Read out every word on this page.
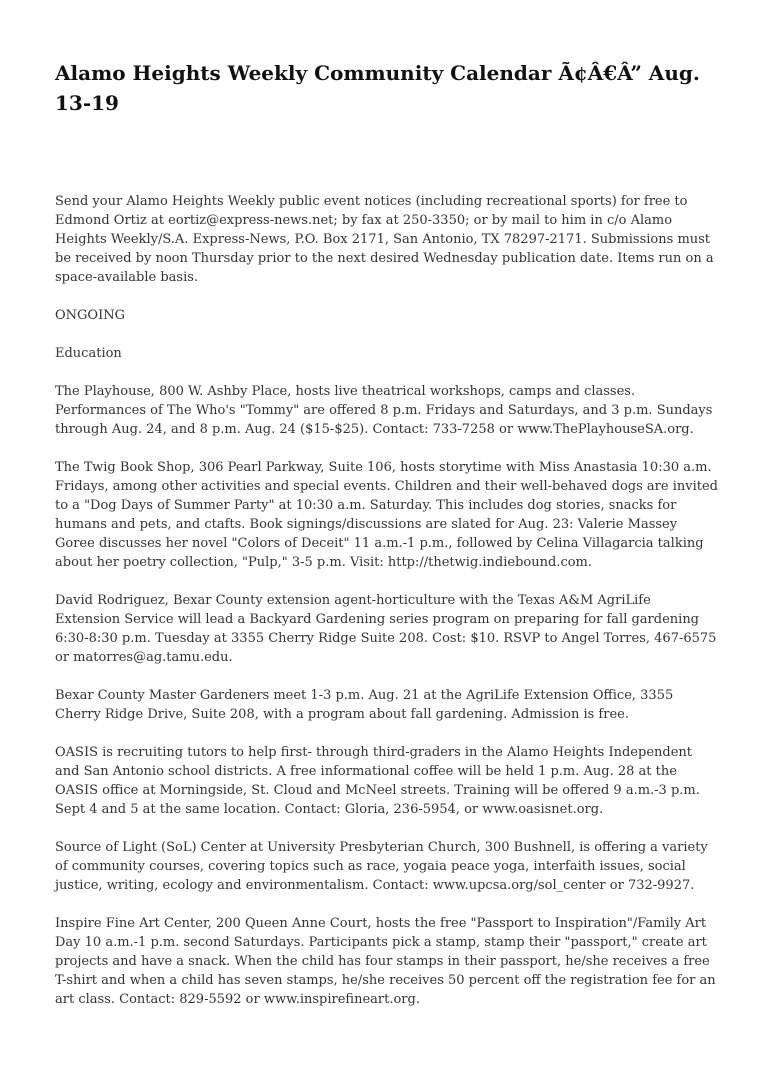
Alamo Heights Weekly Community Calendar Ã¢Â€Â” Aug. 13-19

Send your Alamo Heights Weekly public event notices (including recreational sports) for free to Edmond Ortiz at eortiz@express-news.net; by fax at 250-3350; or by mail to him in c/o Alamo Heights Weekly/S.A. Express-News, P.O. Box 2171, San Antonio, TX 78297-2171. Submissions must be received by noon Thursday prior to the next desired Wednesday publication date. Items run on a space-available basis.

ONGOING

Education

The Playhouse, 800 W. Ashby Place, hosts live theatrical workshops, camps and classes. Performances of The Who's "Tommy" are offered 8 p.m. Fridays and Saturdays, and 3 p.m. Sundays through Aug. 24, and 8 p.m. Aug. 24 ($15-$25). Contact: 733-7258 or www.ThePlayhouseSA.org.

The Twig Book Shop, 306 Pearl Parkway, Suite 106, hosts storytime with Miss Anastasia 10:30 a.m. Fridays, among other activities and special events. Children and their well-behaved dogs are invited to a "Dog Days of Summer Party" at 10:30 a.m. Saturday. This includes dog stories, snacks for humans and pets, and ctafts. Book signings/discussions are slated for Aug. 23: Valerie Massey Goree discusses her novel "Colors of Deceit" 11 a.m.-1 p.m., followed by Celina Villagarcia talking about her poetry collection, "Pulp," 3-5 p.m. Visit: http://thetwig.indiebound.com.

David Rodriguez, Bexar County extension agent-horticulture with the Texas A&M AgriLife Extension Service will lead a Backyard Gardening series program on preparing for fall gardening 6:30-8:30 p.m. Tuesday at 3355 Cherry Ridge Suite 208. Cost: $10. RSVP to Angel Torres, 467-6575 or matorres@ag.tamu.edu.

Bexar County Master Gardeners meet 1-3 p.m. Aug. 21 at the AgriLife Extension Office, 3355 Cherry Ridge Drive, Suite 208, with a program about fall gardening. Admission is free.

OASIS is recruiting tutors to help first- through third-graders in the Alamo Heights Independent and San Antonio school districts. A free informational coffee will be held 1 p.m. Aug. 28 at the OASIS office at Morningside, St. Cloud and McNeel streets. Training will be offered 9 a.m.-3 p.m. Sept 4 and 5 at the same location. Contact: Gloria, 236-5954, or www.oasisnet.org.

Source of Light (SoL) Center at University Presbyterian Church, 300 Bushnell, is offering a variety of community courses, covering topics such as race, yogaia peace yoga, interfaith issues, social justice, writing, ecology and environmentalism. Contact: www.upcsa.org/sol_center or 732-9927.

Inspire Fine Art Center, 200 Queen Anne Court, hosts the free "Passport to Inspiration"/Family Art Day 10 a.m.-1 p.m. second Saturdays. Participants pick a stamp, stamp their "passport," create art projects and have a snack. When the child has four stamps in their passport, he/she receives a free T-shirt and when a child has seven stamps, he/she receives 50 percent off the registration fee for an art class. Contact: 829-5592 or www.inspirefineart.org.
